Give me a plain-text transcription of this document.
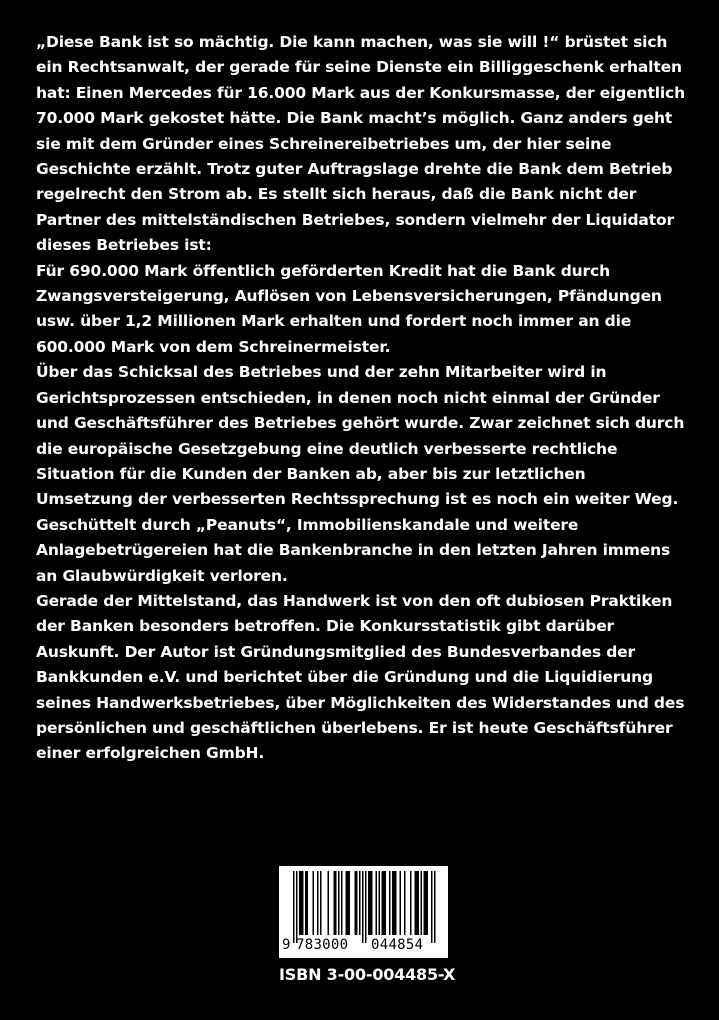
„Diese Bank ist so mächtig. Die kann machen, was sie will !“ brüstet sich ein Rechtsanwalt, der gerade für seine Dienste ein Billiggeschenk erhalten hat: Einen Mercedes für 16.000 Mark aus der Konkursmasse, der eigentlich 70.000 Mark gekostet hätte. Die Bank macht’s möglich. Ganz anders geht sie mit dem Gründer eines Schreinereibetriebes um, der hier seine Geschichte erzählt. Trotz guter Auftragslage drehte die Bank dem Betrieb regelrecht den Strom ab. Es stellt sich heraus, daß die Bank nicht der Partner des mittelständischen Betriebes, sondern vielmehr der Liquidator dieses Betriebes ist:

Für 690.000 Mark öffentlich geförderten Kredit hat die Bank durch Zwangsversteigerung, Auflösen von Lebensversicherungen, Pfändungen usw. über 1,2 Millionen Mark erhalten und fordert noch immer an die 600.000 Mark von dem Schreinermeister.

Über das Schicksal des Betriebes und der zehn Mitarbeiter wird in Gerichtsprozessen entschieden, in denen noch nicht einmal der Gründer und Geschäftsführer des Betriebes gehört wurde. Zwar zeichnet sich durch die europäische Gesetzgebung eine deutlich verbesserte rechtliche Situation für die Kunden der Banken ab, aber bis zur letztlichen Umsetzung der verbesserten Rechtssprechung ist es noch ein weiter Weg. Geschüttelt durch „Peanuts“, Immobilienskandale und weitere Anlagebetrügereien hat die Bankenbranche in den letzten Jahren immens an Glaubwürdigkeit verloren.

Gerade der Mittelstand, das Handwerk ist von den oft dubiosen Praktiken der Banken besonders betroffen. Die Konkursstatistik gibt darüber Auskunft. Der Autor ist Gründungsmitglied des Bundesverbandes der Bankkunden e.V. und berichtet über die Gründung und die Liquidierung seines Handwerksbetriebes, über Möglichkeiten des Widerstandes und des persönlichen und geschäftlichen überlebens. Er ist heute Geschäftsführer einer erfolgreichen GmbH.

9 783000 044854
ISBN 3-00-004485-X
